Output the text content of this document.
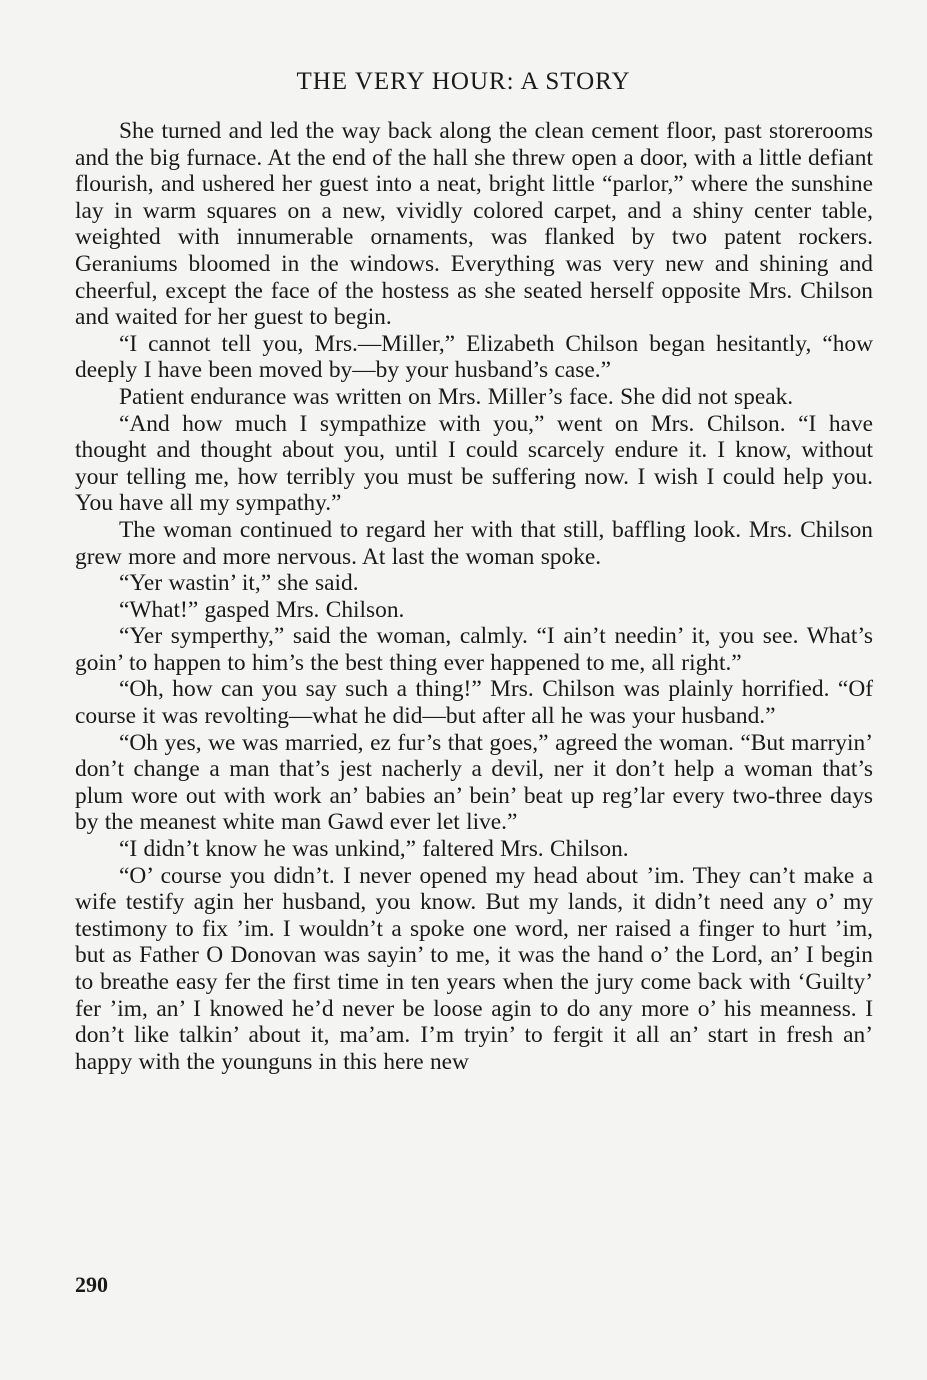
THE VERY HOUR: A STORY

She turned and led the way back along the clean cement floor, past storerooms and the big furnace. At the end of the hall she threw open a door, with a little defiant flourish, and ushered her guest into a neat, bright little “parlor,” where the sunshine lay in warm squares on a new, vividly colored carpet, and a shiny center table, weighted with innumerable ornaments, was flanked by two patent rockers. Geraniums bloomed in the windows. Everything was very new and shining and cheerful, except the face of the hostess as she seated herself opposite Mrs. Chilson and waited for her guest to begin.

“I cannot tell you, Mrs.—Miller,” Elizabeth Chilson began hesitantly, “how deeply I have been moved by—by your husband’s case.”

Patient endurance was written on Mrs. Miller’s face. She did not speak.

“And how much I sympathize with you,” went on Mrs. Chilson. “I have thought and thought about you, until I could scarcely endure it. I know, without your telling me, how terribly you must be suffering now. I wish I could help you. You have all my sympathy.”

The woman continued to regard her with that still, baffling look. Mrs. Chilson grew more and more nervous. At last the woman spoke.

“Yer wastin’ it,” she said.

“What!” gasped Mrs. Chilson.

“Yer symperthy,” said the woman, calmly. “I ain’t needin’ it, you see. What’s goin’ to happen to him’s the best thing ever happened to me, all right.”

“Oh, how can you say such a thing!” Mrs. Chilson was plainly horrified. “Of course it was revolting—what he did—but after all he was your husband.”

“Oh yes, we was married, ez fur’s that goes,” agreed the woman. “But marryin’ don’t change a man that’s jest nacherly a devil, ner it don’t help a woman that’s plum wore out with work an’ babies an’ bein’ beat up reg’lar every two-three days by the meanest white man Gawd ever let live.”

“I didn’t know he was unkind,” faltered Mrs. Chilson.

“O’ course you didn’t. I never opened my head about ’im. They can’t make a wife testify agin her husband, you know. But my lands, it didn’t need any o’ my testimony to fix ’im. I wouldn’t a spoke one word, ner raised a finger to hurt ’im, but as Father O Donovan was sayin’ to me, it was the hand o’ the Lord, an’ I begin to breathe easy fer the first time in ten years when the jury come back with ‘Guilty’ fer ’im, an’ I knowed he’d never be loose agin to do any more o’ his meanness. I don’t like talkin’ about it, ma’am. I’m tryin’ to fergit it all an’ start in fresh an’ happy with the younguns in this here new

290
